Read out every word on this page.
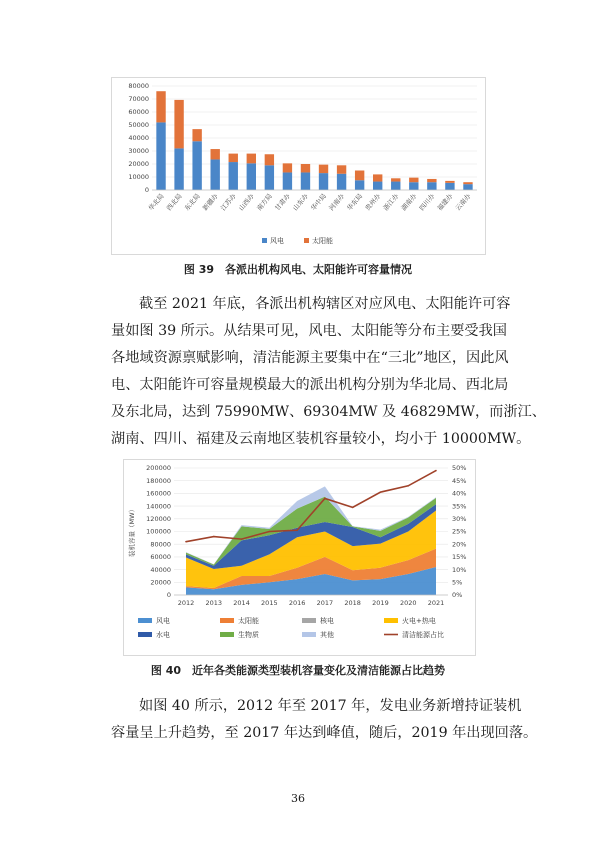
0
10000
20000
30000
40000
50000
60000
70000
80000
华北局 西北局 东北局 新疆办 江苏办 山西办 南方局 甘肃办 山东办 华中局 河南办 华东局 贵州办 浙江办 湖南办 四川办 福建办 云南办
风电	太阳能
图 39　各派出机构风电、太阳能许可容量情况
截至 2021 年底，各派出机构辖区对应风电、太阳能许可容
量如图 39 所示。从结果可见，风电、太阳能等分布主要受我国
各地域资源禀赋影响，清洁能源主要集中在“三北”地区，因此风
电、太阳能许可容量规模最大的派出机构分别为华北局、西北局
及东北局，达到 75990MW、69304MW 及 46829MW，而浙江、
湖南、四川、福建及云南地区装机容量较小，均小于 10000MW。
0
20000
40000
60000
80000
100000
120000
140000
160000
180000
200000
0%
5%
10%
15%
20%
25%
30%
35%
40%
45%
50%
装机容量（MW）
2012 2013 2014 2015 2016 2017 2018 2019 2020 2021
风电	太阳能	核电	火电+热电
水电	生物质	其他	清洁能源占比
图 40　近年各类能源类型装机容量变化及清洁能源占比趋势
如图 40 所示，2012 年至 2017 年，发电业务新增持证装机
容量呈上升趋势，至 2017 年达到峰值，随后，2019 年出现回落。
36
